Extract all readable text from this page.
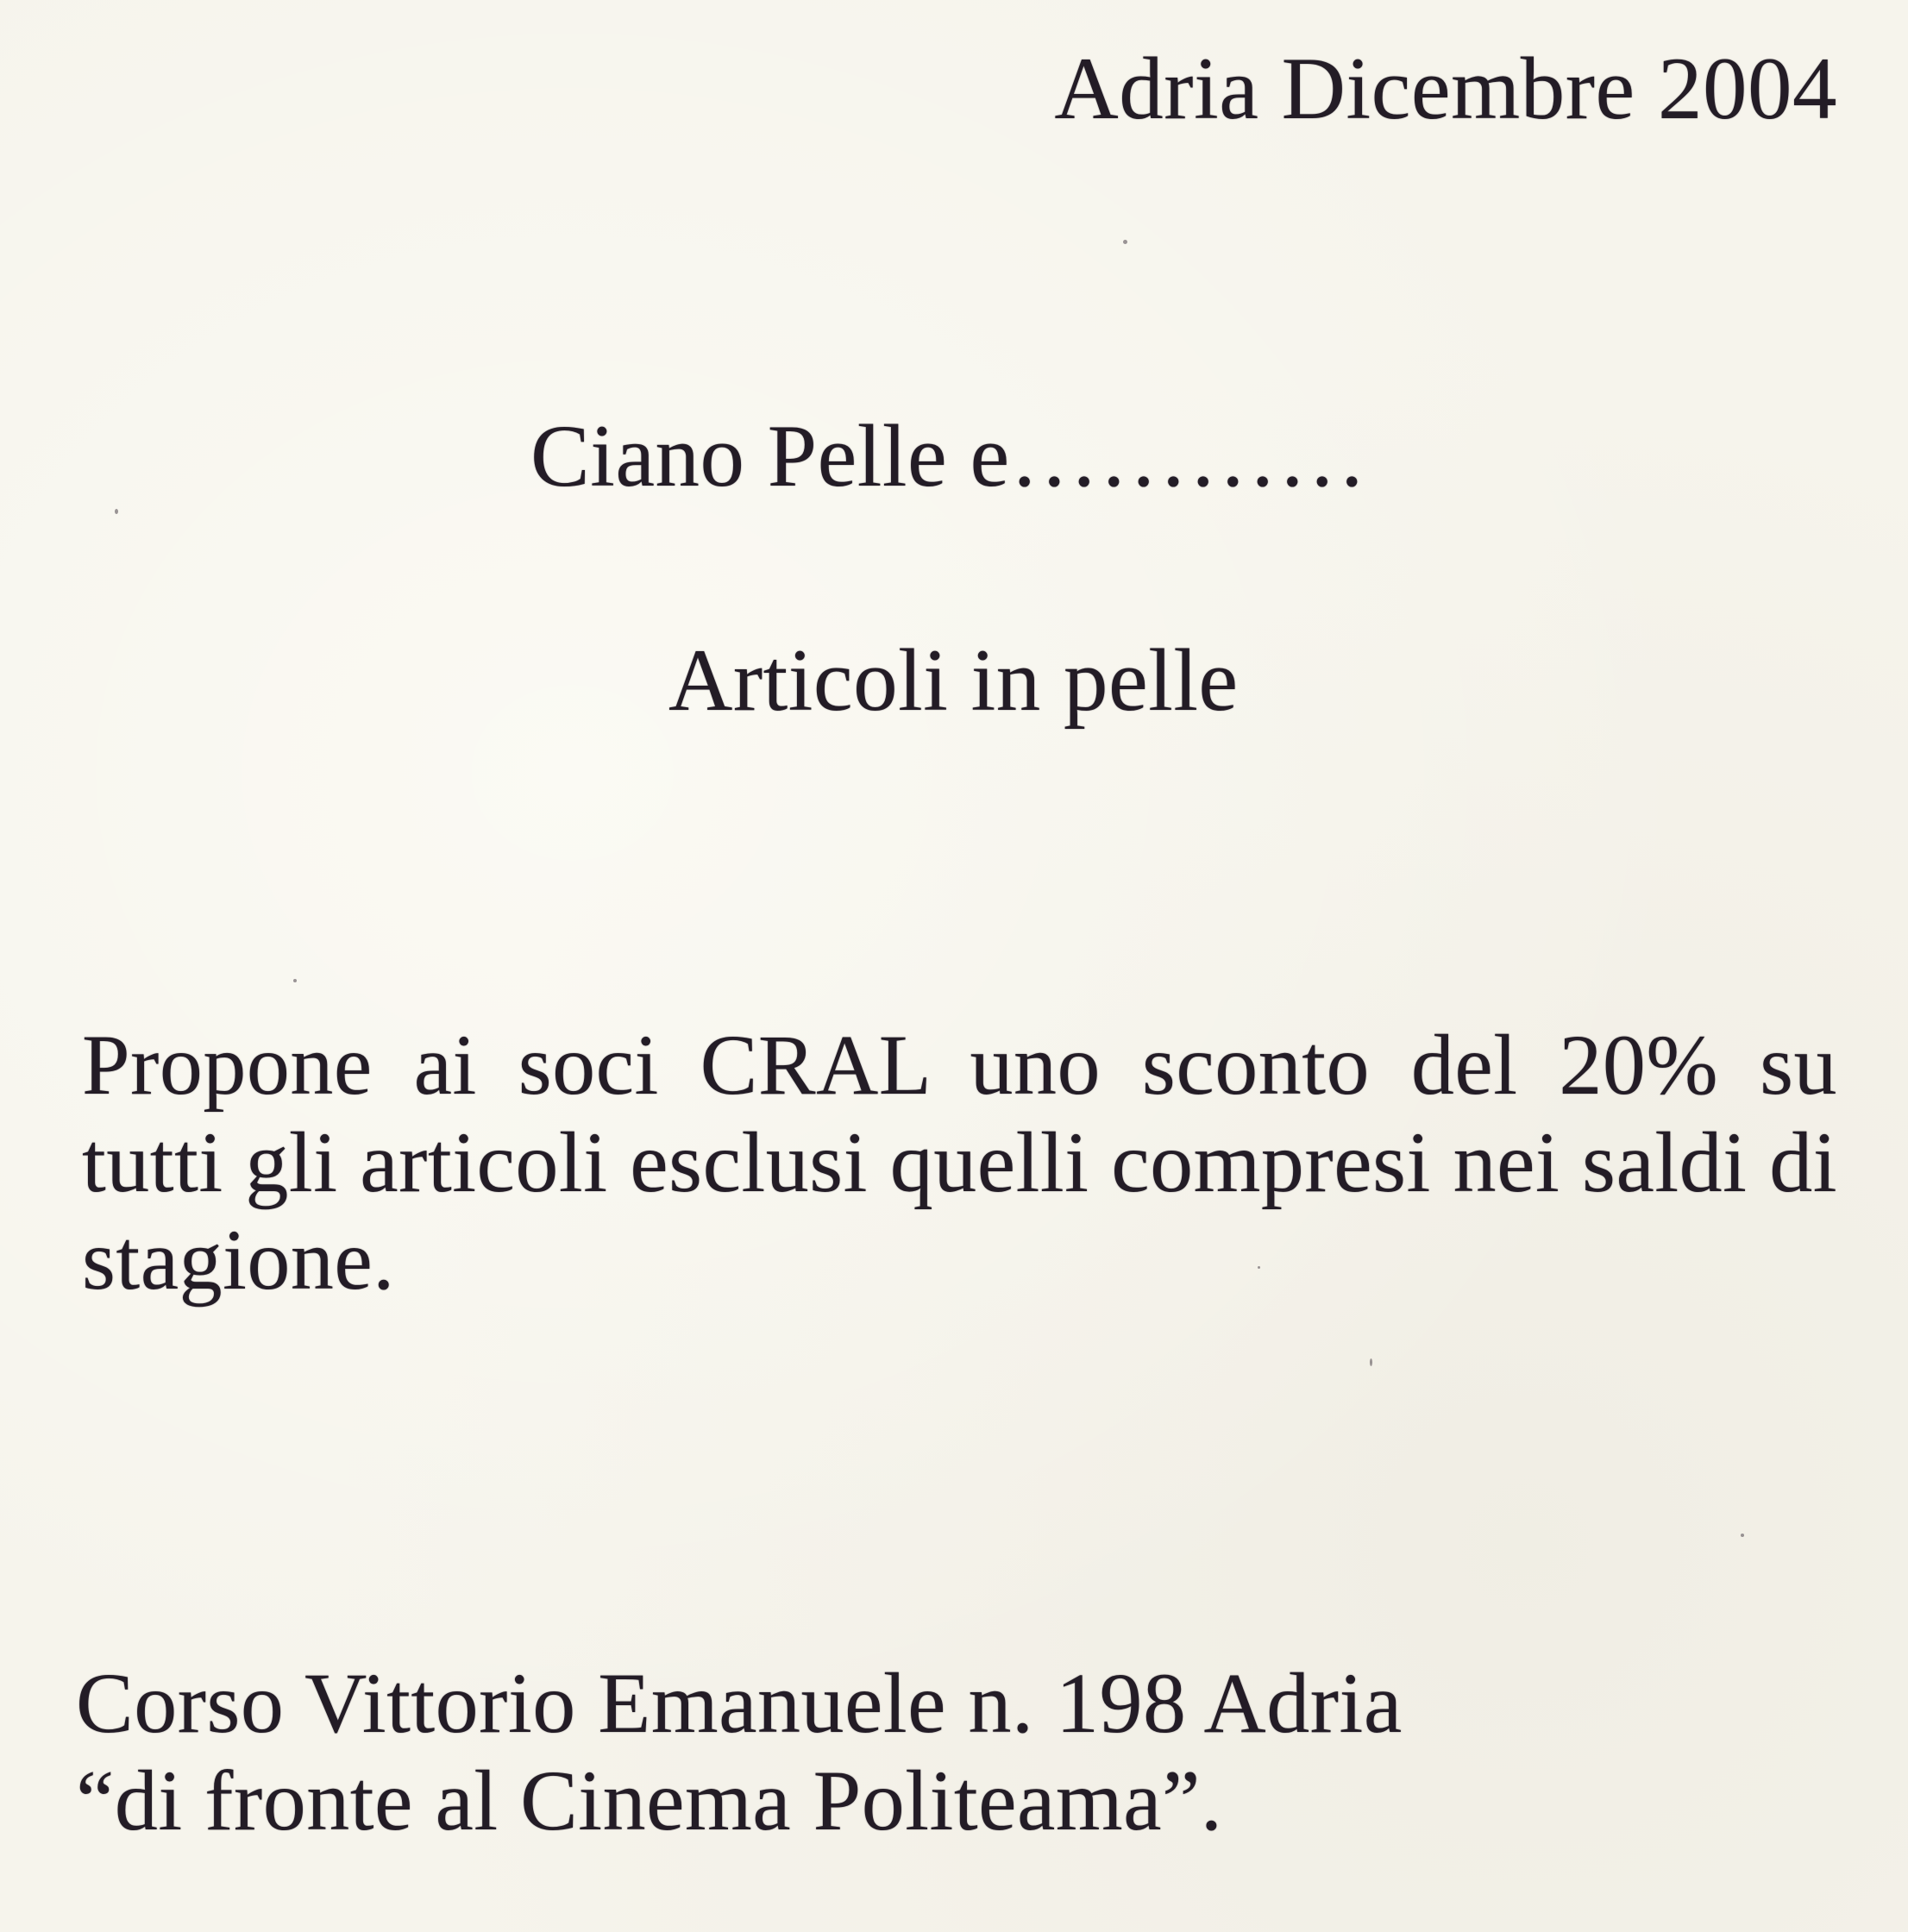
Adria Dicembre 2004
Ciano Pelle e…………
Articoli in pelle

Propone ai soci CRAL uno sconto del 20% su tutti gli articoli esclusi quelli compresi nei saldi di stagione.

Corso Vittorio Emanuele n. 198 Adria
“di fronte al Cinema Politeama”.
